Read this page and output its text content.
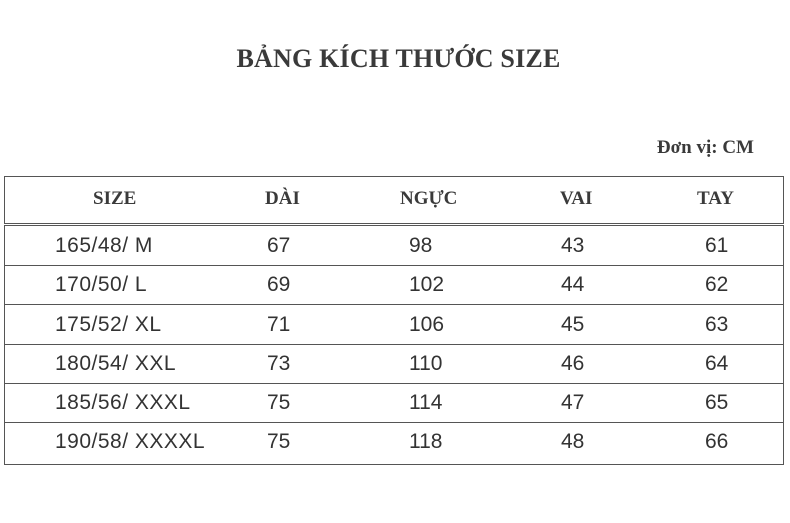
BẢNG KÍCH THƯỚC SIZE
Đơn vị: CM
SIZE	DÀI	NGỰC	VAI	TAY
165/48/ M	67	98	43	61
170/50/ L	69	102	44	62
175/52/ XL	71	106	45	63
180/54/ XXL	73	110	46	64
185/56/ XXXL	75	114	47	65
190/58/ XXXXL	75	118	48	66
